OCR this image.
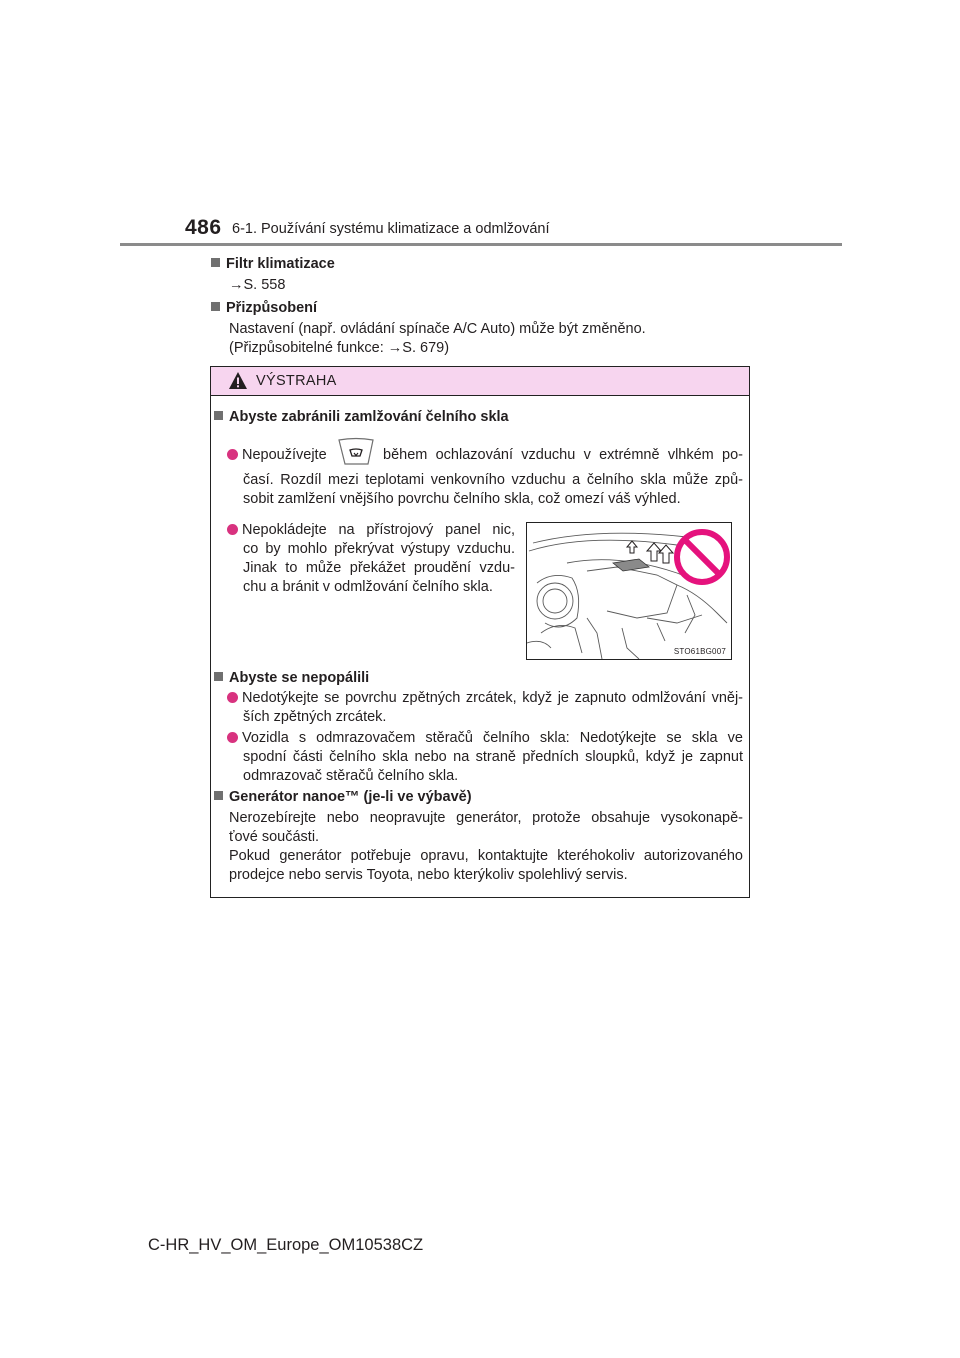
486 6-1. Používání systému klimatizace a odmlžování
Filtr klimatizace
→S. 558
Přizpůsobení
Nastavení (např. ovládání spínače A/C Auto) může být změněno.
(Přizpůsobitelné funkce: →S. 679)
VÝSTRAHA
Abyste zabránili zamlžování čelního skla
Nepoužívejte	během ochlazování vzduchu v extrémně vlhkém po-
časí. Rozdíl mezi teplotami venkovního vzduchu a čelního skla může způ-
sobit zamlžení vnějšího povrchu čelního skla, což omezí váš výhled.
Nepokládejte na přístrojový panel nic,
co by mohlo překrývat výstupy vzduchu.
Jinak to může překážet proudění vzdu-
chu a bránit v odmlžování čelního skla.
STO61BG007
Abyste se nepopálili
Nedotýkejte se povrchu zpětných zrcátek, když je zapnuto odmlžování vněj-
ších zpětných zrcátek.
Vozidla s odmrazovačem stěračů čelního skla: Nedotýkejte se skla ve
spodní části čelního skla nebo na straně předních sloupků, když je zapnut
odmrazovač stěračů čelního skla.
Generátor nanoe™ (je-li ve výbavě)
Nerozebírejte nebo neopravujte generátor, protože obsahuje vysokonapě-
ťové součásti.
Pokud generátor potřebuje opravu, kontaktujte kteréhokoliv autorizovaného
prodejce nebo servis Toyota, nebo kterýkoliv spolehlivý servis.
C-HR_HV_OM_Europe_OM10538CZ
